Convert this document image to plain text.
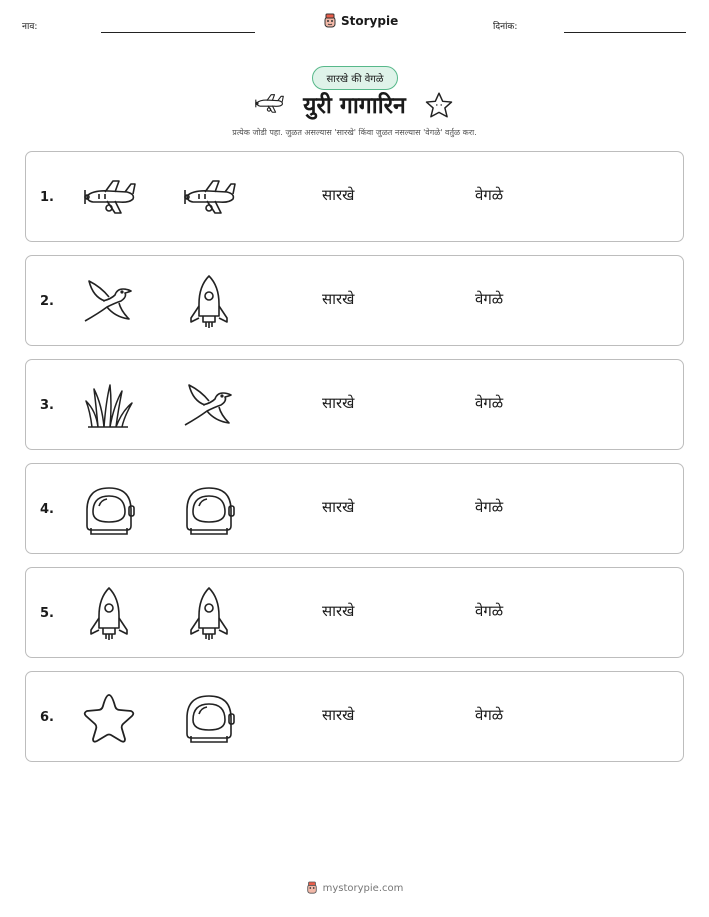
नाव:	Storypie	दिनांक:
सारखे की वेगळे
युरी गागारिन
प्रत्येक जोडी पहा. जुळत असल्यास 'सारखे' किंवा जुळत नसल्यास 'वेगळे' वर्तुळ करा.
1.	सारखे	वेगळे
2.	सारखे	वेगळे
3.	सारखे	वेगळे
4.	सारखे	वेगळे
5.	सारखे	वेगळे
6.	सारखे	वेगळे
mystorypie.com
